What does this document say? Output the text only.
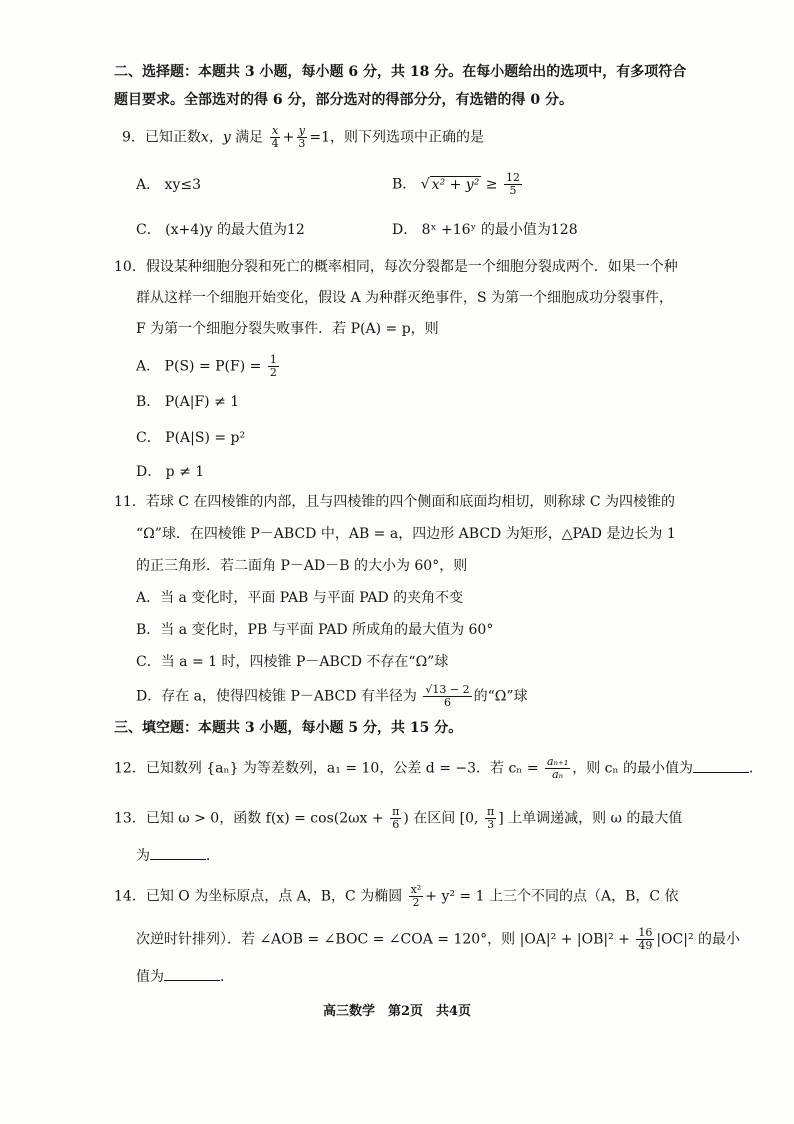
二、选择题：本题共 3 小题，每小题 6 分，共 18 分。在每小题给出的选项中，有多项符合
题目要求。全部选对的得 6 分，部分选对的得部分分，有选错的得 0 分。
9．已知正数x，y 满足 $\frac{x}{4} + \frac{y}{3} =1$，则下列选项中正确的是
A． xy≤3	B． √ $x^2 + y^2 \ge \frac{12}{5}$
C． (x+4)y 的最大值为12	D． 8ˣ +16ʸ 的最小值为128
10．假设某种细胞分裂和死亡的概率相同，每次分裂都是一个细胞分裂成两个．如果一个种
群从这样一个细胞开始变化，假设 A 为种群灭绝事件，S 为第一个细胞成功分裂事件，
F 为第一个细胞分裂失败事件．若 P(A) = p，则
A． $P(S) = P(F) = \frac{1}{2}$
B． P(A|F) ≠ 1
C． P(A|S) = p²
D． p ≠ 1
11．若球 C 在四棱锥的内部，且与四棱锥的四个侧面和底面均相切，则称球 C 为四棱锥的
“Ω”球．在四棱锥 P－ABCD 中，AB = a，四边形 ABCD 为矩形，△PAD 是边长为 1
的正三角形．若二面角 P－AD－B 的大小为 60°，则
A．当 a 变化时，平面 PAB 与平面 PAD 的夹角不变
B．当 a 变化时，PB 与平面 PAD 所成角的最大值为 60°
C．当 a = 1 时，四棱锥 P－ABCD 不存在“Ω”球
D．存在 a，使得四棱锥 P－ABCD 有半径为 $\frac{√13 - 2}{6}$ 的“Ω”球
三、填空题：本题共 3 小题，每小题 5 分，共 15 分。
12．已知数列 {aₙ} 为等差数列，a₁ = 10，公差 d = −3．若 $c_n = \frac{\text{aₙ₊₁}}{\text{aₙ}}$ ，则 cₙ 的最小值为	．
13．已知 ω > 0，函数 $f(x) = \cos(2\omega x + \frac{\pi}{6}$ ) 在区间 [0, $\frac{\pi}{3}$ ] 上单调递减，则 ω 的最大值
为	．
14．已知 O 为坐标原点，点 A，B，C 为椭圆 $\frac{\text{x²}}{2} + y^2 = 1$ 上三个不同的点（A，B，C 依
次逆时针排列）．若 ∠AOB = ∠BOC = ∠COA = 120°，则 $|OA|^2 + |OB|^2 + \frac{16}{49} |OC|^2$ 的最小
值为	．
高三数学　第2页　共4页
